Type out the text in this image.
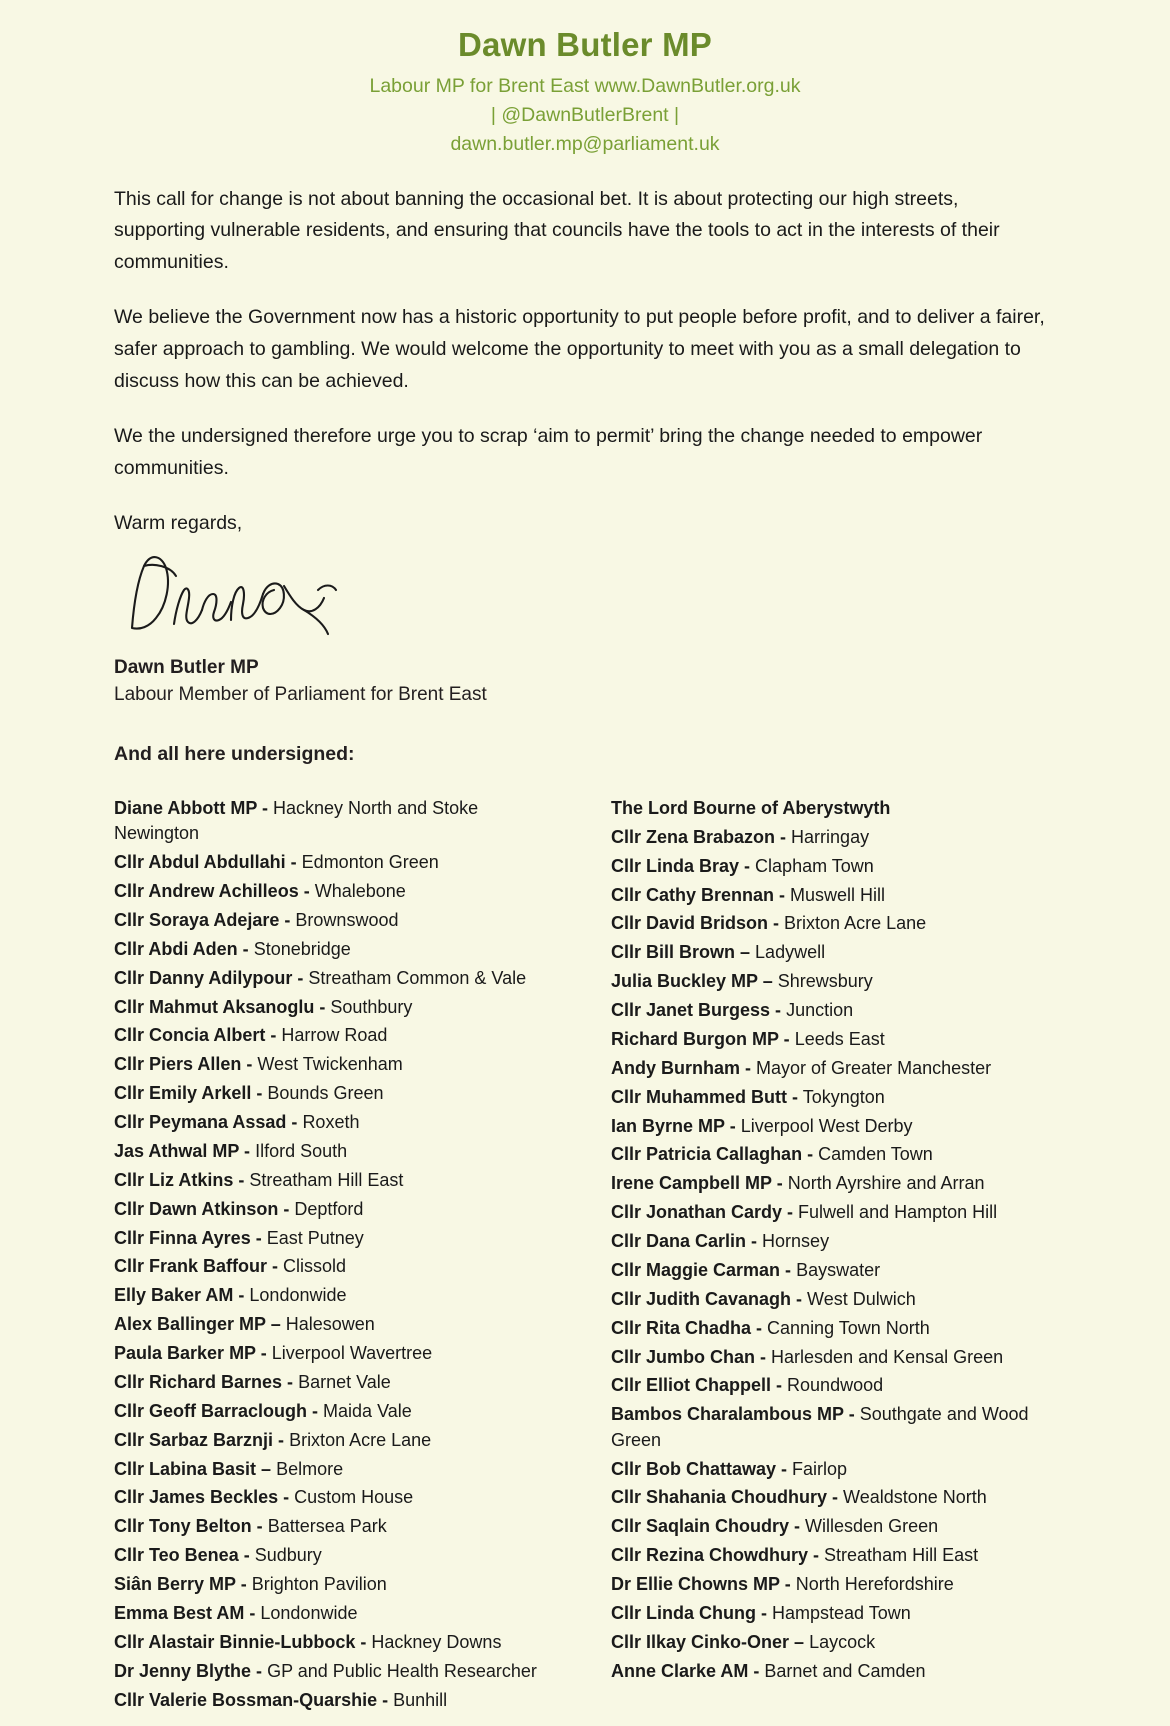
Dawn Butler MP
Labour MP for Brent East www.DawnButler.org.uk
| @DawnButlerBrent |
dawn.butler.mp@parliament.uk

This call for change is not about banning the occasional bet. It is about protecting our high streets, supporting vulnerable residents, and ensuring that councils have the tools to act in the interests of their communities.

We believe the Government now has a historic opportunity to put people before profit, and to deliver a fairer, safer approach to gambling. We would welcome the opportunity to meet with you as a small delegation to discuss how this can be achieved.

We the undersigned therefore urge you to scrap ‘aim to permit’ bring the change needed to empower communities.

Warm regards,

Dawn Butler MP

Labour Member of Parliament for Brent East

And all here undersigned:

Diane Abbott MP - Hackney North and Stoke Newington

Cllr Abdul Abdullahi - Edmonton Green

Cllr Andrew Achilleos - Whalebone

Cllr Soraya Adejare - Brownswood

Cllr Abdi Aden - Stonebridge

Cllr Danny Adilypour - Streatham Common & Vale

Cllr Mahmut Aksanoglu - Southbury

Cllr Concia Albert - Harrow Road

Cllr Piers Allen - West Twickenham

Cllr Emily Arkell - Bounds Green

Cllr Peymana Assad - Roxeth

Jas Athwal MP - Ilford South

Cllr Liz Atkins - Streatham Hill East

Cllr Dawn Atkinson - Deptford

Cllr Finna Ayres - East Putney

Cllr Frank Baffour - Clissold

Elly Baker AM - Londonwide

Alex Ballinger MP – Halesowen

Paula Barker MP - Liverpool Wavertree

Cllr Richard Barnes - Barnet Vale

Cllr Geoff Barraclough - Maida Vale

Cllr Sarbaz Barznji - Brixton Acre Lane

Cllr Labina Basit – Belmore

Cllr James Beckles - Custom House

Cllr Tony Belton - Battersea Park

Cllr Teo Benea - Sudbury

Siân Berry MP - Brighton Pavilion

Emma Best AM - Londonwide

Cllr Alastair Binnie-Lubbock - Hackney Downs

Dr Jenny Blythe - GP and Public Health Researcher

Cllr Valerie Bossman-Quarshie - Bunhill

The Lord Bourne of Aberystwyth

Cllr Zena Brabazon - Harringay

Cllr Linda Bray - Clapham Town

Cllr Cathy Brennan - Muswell Hill

Cllr David Bridson - Brixton Acre Lane

Cllr Bill Brown – Ladywell

Julia Buckley MP – Shrewsbury

Cllr Janet Burgess - Junction

Richard Burgon MP - Leeds East

Andy Burnham - Mayor of Greater Manchester

Cllr Muhammed Butt - Tokyngton

Ian Byrne MP - Liverpool West Derby

Cllr Patricia Callaghan - Camden Town

Irene Campbell MP - North Ayrshire and Arran

Cllr Jonathan Cardy - Fulwell and Hampton Hill

Cllr Dana Carlin - Hornsey

Cllr Maggie Carman - Bayswater

Cllr Judith Cavanagh - West Dulwich

Cllr Rita Chadha - Canning Town North

Cllr Jumbo Chan - Harlesden and Kensal Green

Cllr Elliot Chappell - Roundwood

Bambos Charalambous MP - Southgate and Wood Green

Cllr Bob Chattaway - Fairlop

Cllr Shahania Choudhury - Wealdstone North

Cllr Saqlain Choudry - Willesden Green

Cllr Rezina Chowdhury - Streatham Hill East

Dr Ellie Chowns MP - North Herefordshire

Cllr Linda Chung - Hampstead Town

Cllr Ilkay Cinko-Oner – Laycock

Anne Clarke AM - Barnet and Camden
